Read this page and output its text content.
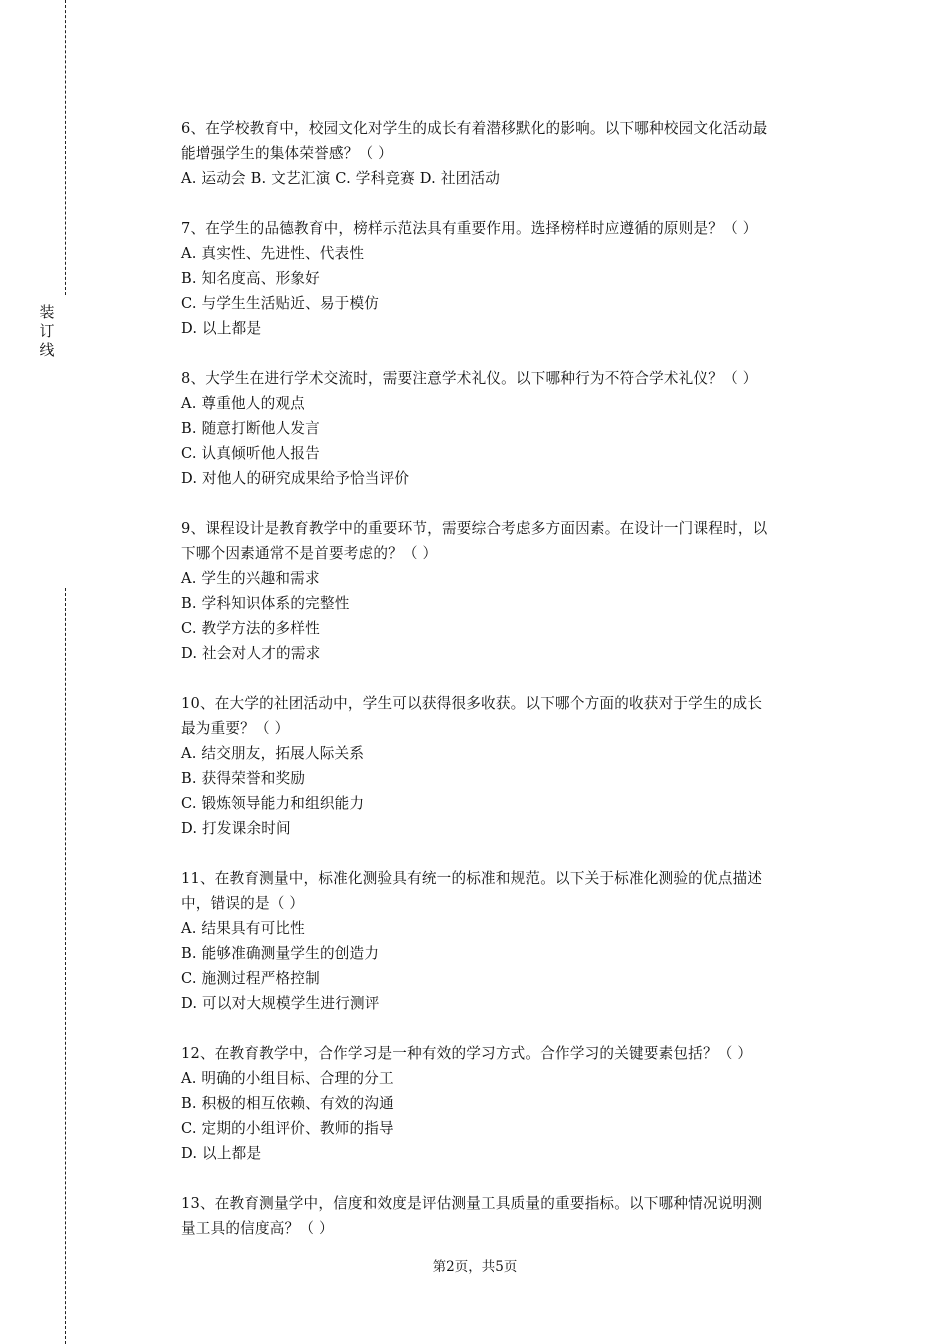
装订线
6、在学校教育中，校园文化对学生的成长有着潜移默化的影响。以下哪种校园文化活动最
能增强学生的集体荣誉感？（ ）
A. 运动会 B. 文艺汇演 C. 学科竞赛 D. 社团活动
7、在学生的品德教育中，榜样示范法具有重要作用。选择榜样时应遵循的原则是？（ ）
A. 真实性、先进性、代表性
B. 知名度高、形象好
C. 与学生生活贴近、易于模仿
D. 以上都是
8、大学生在进行学术交流时，需要注意学术礼仪。以下哪种行为不符合学术礼仪？（ ）
A. 尊重他人的观点
B. 随意打断他人发言
C. 认真倾听他人报告
D. 对他人的研究成果给予恰当评价
9、课程设计是教育教学中的重要环节，需要综合考虑多方面因素。在设计一门课程时，以
下哪个因素通常不是首要考虑的？（ ）
A. 学生的兴趣和需求
B. 学科知识体系的完整性
C. 教学方法的多样性
D. 社会对人才的需求
10、在大学的社团活动中，学生可以获得很多收获。以下哪个方面的收获对于学生的成长
最为重要？（ ）
A. 结交朋友，拓展人际关系
B. 获得荣誉和奖励
C. 锻炼领导能力和组织能力
D. 打发课余时间
11、在教育测量中，标准化测验具有统一的标准和规范。以下关于标准化测验的优点描述
中，错误的是（ ）
A. 结果具有可比性
B. 能够准确测量学生的创造力
C. 施测过程严格控制
D. 可以对大规模学生进行测评
12、在教育教学中，合作学习是一种有效的学习方式。合作学习的关键要素包括？（ ）
A. 明确的小组目标、合理的分工
B. 积极的相互依赖、有效的沟通
C. 定期的小组评价、教师的指导
D. 以上都是
13、在教育测量学中，信度和效度是评估测量工具质量的重要指标。以下哪种情况说明测
量工具的信度高？（ ）
第2页，共5页
